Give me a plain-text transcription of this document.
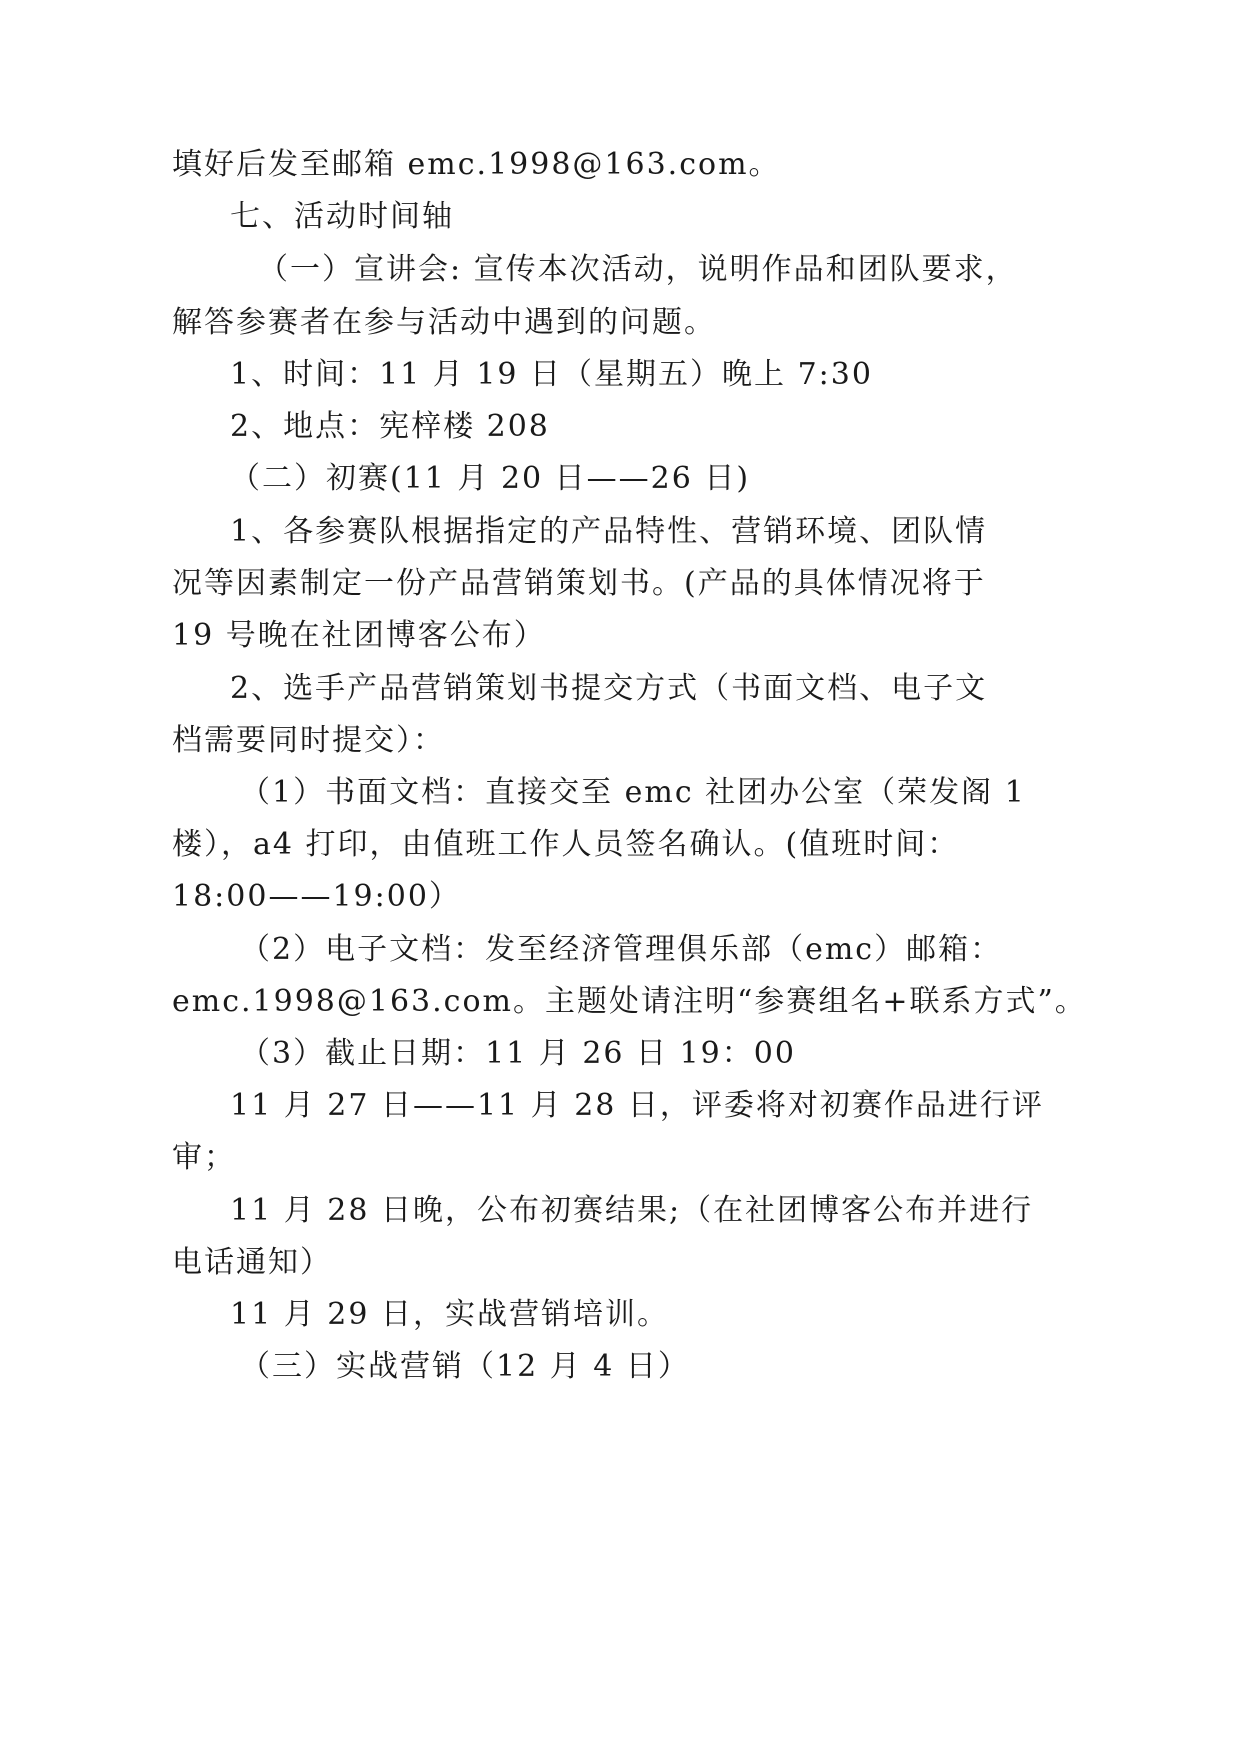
填好后发至邮箱 emc.1998@163.com。
七、活动时间轴
（一）宣讲会: 宣传本次活动，说明作品和团队要求，
解答参赛者在参与活动中遇到的问题。
1、时间：11 月 19 日（星期五）晚上 7:30
2、地点：宪梓楼 208
（二）初赛(11 月 20 日——26 日)
1、各参赛队根据指定的产品特性、营销环境、团队情
况等因素制定一份产品营销策划书。(产品的具体情况将于
19 号晚在社团博客公布）
2、选手产品营销策划书提交方式（书面文档、电子文
档需要同时提交）：
（1）书面文档：直接交至 emc 社团办公室（荣发阁 1
楼），a4 打印，由值班工作人员签名确认。(值班时间：
18:00——19:00）
（2）电子文档：发至经济管理俱乐部（emc）邮箱：
emc.1998@163.com。主题处请注明“参赛组名+联系方式”。
（3）截止日期：11 月 26 日 19：00
11 月 27 日——11 月 28 日，评委将对初赛作品进行评
审；
11 月 28 日晚，公布初赛结果;（在社团博客公布并进行
电话通知）
11 月 29 日，实战营销培训。
（三）实战营销（12 月 4 日）
